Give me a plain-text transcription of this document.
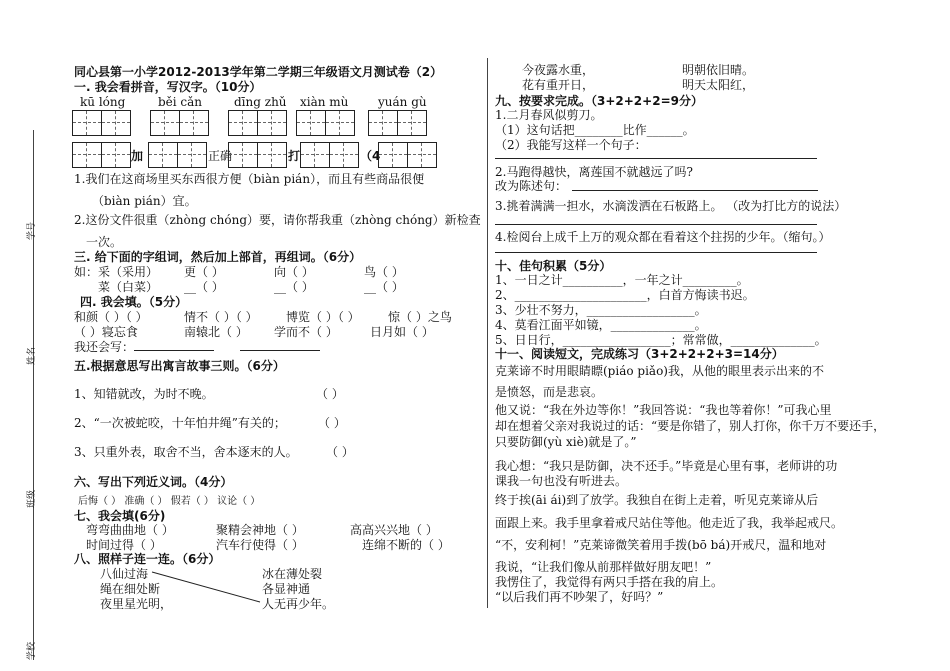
学号
姓名
班级
学校
同心县第一小学2012-2013学年第二学期三年级语文月测试卷（2）
一. 我会看拼音，写汉字。（10分）
kū lóng	běi cǎn	dīng zhǔ xiàn mù yuán gù
加	正确	打	（4
1.我们在这商场里买东西很方便（biàn pián），而且有些商品很便
（biàn pián）宜。
2.这份文件很重（zhòng chóng）要，请你帮我重（zhòng chóng）新检查
一次。
三. 给下面的字组词，然后加上部首，再组词。（6分）
如：采（采用） 更（ ）	向（ ）	鸟（ ）
菜（白菜） __（ ）	__（ ）	__（ ）
四. 我会填。（5分）
和颜（ ）（ ）	情不（ ）（ ） 博览（ ）（ ） 惊（ ）之鸟
（ ）寝忘食	南辕北（ ） 学而不（ ）	日月如（ ）
我还会写：
五.根据意思写出寓言故事三则。（6分）
1、知错就改，为时不晚。	（ ）
2、“一次被蛇咬，十年怕井绳”有关的；	（ ）
3、只重外表，取舍不当，舍本逐末的人。 （ ）
六、写出下列近义词。（4分）
后悔（ ） 准确（ ） 假若（ ） 议论（ ）
七、我会填(6分)
弯弯曲曲地（ ）	聚精会神地（ ）	高高兴兴地（ ）
时间过得（ ）	汽车行使得（ ）	连绵不断的（ ）
八、照样子连一连。（6分）
八仙过海
绳在细处断
夜里星光明，
冰在薄处裂
各显神通
人无再少年。
今夜露水重，	明朝依旧晴。
花有重开日，	明天太阳红，
九、按要求完成。（3+2+2+2=9分）
1.二月春风似剪刀。
（1）这句话把________比作______。
（2）我能写这样一个句子：
2.马跑得越快，离莲国不就越远了吗?
改为陈述句：
3.挑着满满一担水，水滴泼洒在石板路上。 （改为打比方的说法）
4.检阅台上成千上万的观众都在看着这个拄拐的少年。（缩句。）
十、佳句积累（5分）
1、一日之计__________，一年之计_________。
2、______________________，白首方悔读书迟。
3、少壮不努力，__________________。
4、莫看江面平如镜，______________。
5、日日行，__________________；常常做，______________。
十一、阅读短文，完成练习（3+2+2+2+3=14分）
克莱谛不时用眼睛瞟(piáo piǎo)我，从他的眼里表示出来的不
是愤怒，而是悲哀。
他又说：“我在外边等你！”我回答说：“我也等着你！”可我心里
却在想着父亲对我说过的话：“要是你错了，别人打你，你千万不要还手，
只要防御(yù xiè)就是了。”
我心想：“我只是防御，决不还手。”毕竟是心里有事，老师讲的功
课我一句也没有听进去。
终于挨(āi ái)到了放学。我独自在街上走着，听见克莱谛从后
面跟上来。我手里拿着戒尺站住等他。他走近了我，我举起戒尺。
“不，安利柯！”克莱谛微笑着用手拨(bō bá)开戒尺，温和地对
我说，“让我们像从前那样做好朋友吧！”
我愣住了，我觉得有两只手搭在我的肩上。
“以后我们再不吵架了，好吗？”
